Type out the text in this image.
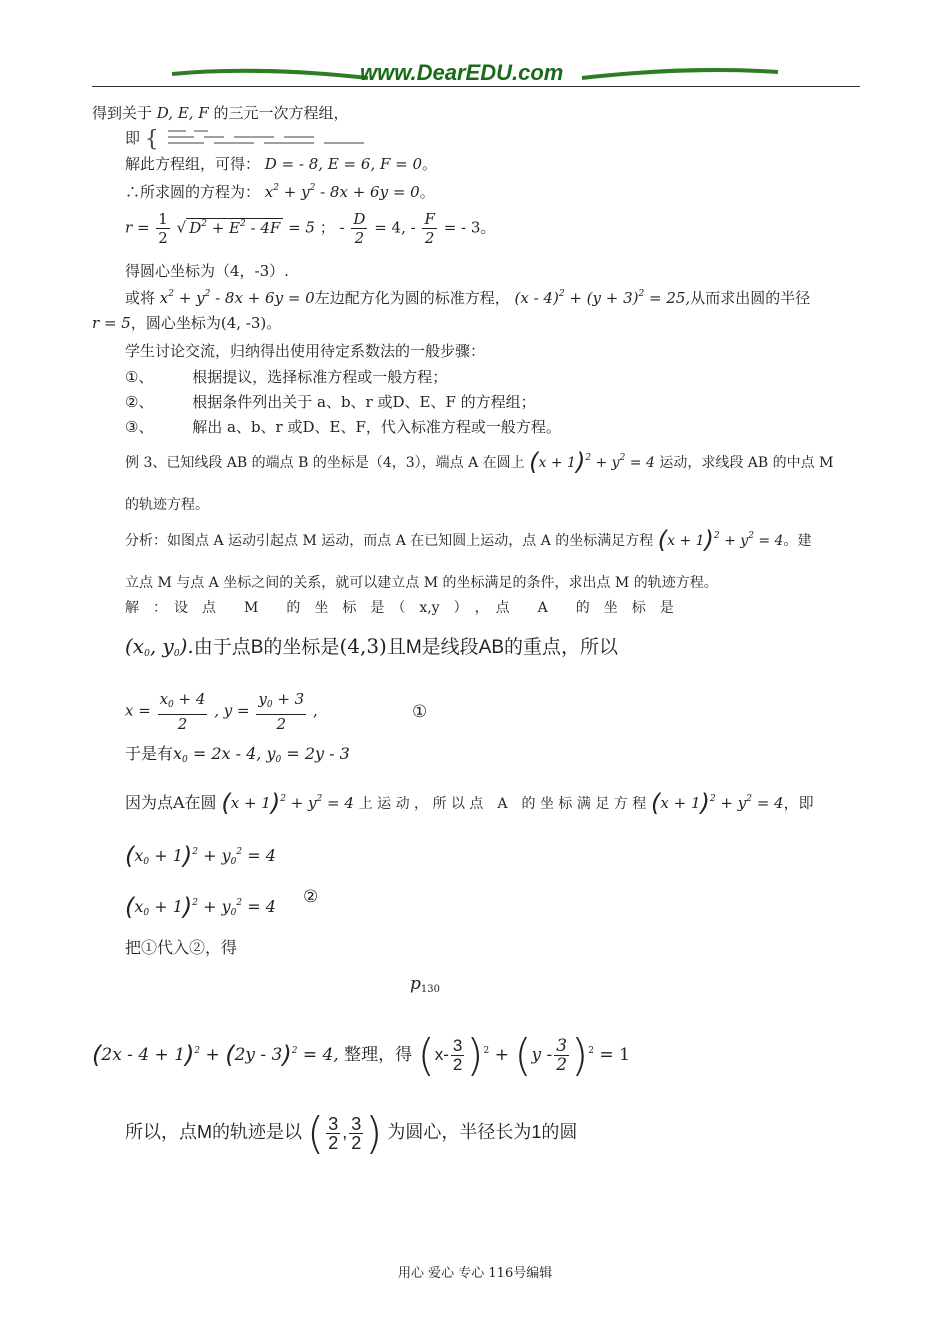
www.DearEDU.com
得到关于 D, E, F 的三元一次方程组，
即 {
解此方程组，可得： D = - 8, E = 6, F = 0。
∴所求圆的方程为： $x^2 + y^2 - 8x + 6y = 0$。
$r = \frac{1}{2}$ √ $D^2 + E^2 - 4F = 5$ ； - $\frac{D}{2} = 4$, - $\frac{F}{2}$ = - 3。
得圆心坐标为（4，-3）.
或将 $x^2 + y^2 - 8x + 6y = 0$左边配方化为圆的标准方程， $(x - 4)^2 + (y + 3)^2 = 25$,从而求出圆的半径
r = 5，圆心坐标为(4, -3)。
学生讨论交流，归纳得出使用待定系数法的一般步骤：
①、	根据提议，选择标准方程或一般方程；
②、	根据条件列出关于 a、b、r 或D、E、F 的方程组；
③、	解出 a、b、r 或D、E、F，代入标准方程或一般方程。
例 3、已知线段 AB 的端点 B 的坐标是（4，3），端点 A 在圆上 $(x + 1)^2 + y^2 = 4$ 运动，求线段 AB 的中点 M
的轨迹方程。
分析：如图点 A 运动引起点 M 运动，而点 A 在已知圆上运动，点 A 的坐标满足方程 $(x + 1)^2 + y^2 = 4$。建
立点 M 与点 A 坐标之间的关系，就可以建立点 M 的坐标满足的条件，求出点 M 的轨迹方程。
解　：　设　点　　M　　的　坐　标　是　（　x,y　）　，　点　　A　　的　坐　标　是
($x_0$, $y_0$).由于点B的坐标是(4,3)且M是线段AB的重点，所以
$x = \frac{x_0 + 4}{2}$ , $y = \frac{y_0 + 3}{2}$ ,	①
于是有$x_0 = 2x - 4$, $y_0 = 2y - 3$
因为点A在圆 $(x + 1)^2 + y^2 = 4$ 上 运 动 ， 所 以 点　A　的 坐 标 满 足 方 程 $(x + 1)^2 + y^2 = 4$，即
$(x_0 + 1)^2 + y_0^2 = 4$
$(x_0 + 1)^2 + y_0^2 = 4$ ②
把①代入②，得
$p_{130}$
$(2x - 4 + 1)^2 + (2y - 3)^2 = 4$, 整理，得 $(x- \frac{3}{2} )^2 + (y - \frac{3}{2} )^2 = 1$
所以，点M的轨迹是以 ( $\frac{3}{2}$ , $\frac{3}{2}$ ) 为圆心，半径长为1的圆
用心 爱心 专心 116号编辑
